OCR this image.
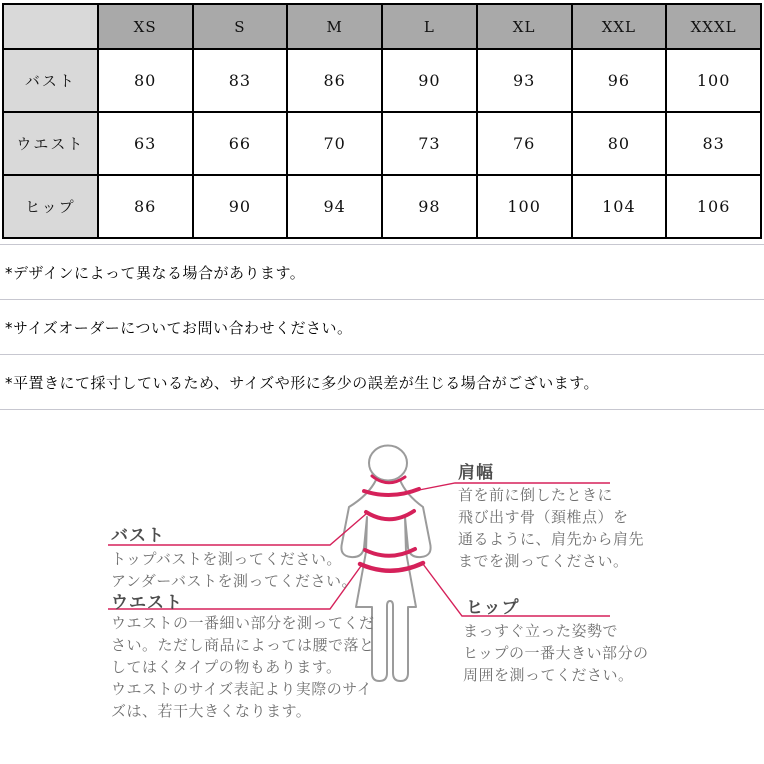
	XS	S	M	L	XL	XXL	XXXL
バスト	80	83	86	90	93	96	100
ウエスト	63	66	70	73	76	80	83
ヒップ	86	90	94	98	100	104	106
*デザインによって異なる場合があります。
*サイズオーダーについてお問い合わせください。
*平置きにて採寸しているため、サイズや形に多少の誤差が生じる場合がございます。
肩幅
首を前に倒したときに
飛び出す骨（頚椎点）を
通るように、肩先から肩先
までを測ってください。
バスト
トップバストを測ってください。
アンダーバストを測ってください。
ウエスト
ウエストの一番細い部分を測ってくだ
さい。ただし商品によっては腰で落と
してはくタイプの物もあります。
ウエストのサイズ表記より実際のサイ
ズは、若干大きくなります。
ヒップ
まっすぐ立った姿勢で
ヒップの一番大きい部分の
周囲を測ってください。
